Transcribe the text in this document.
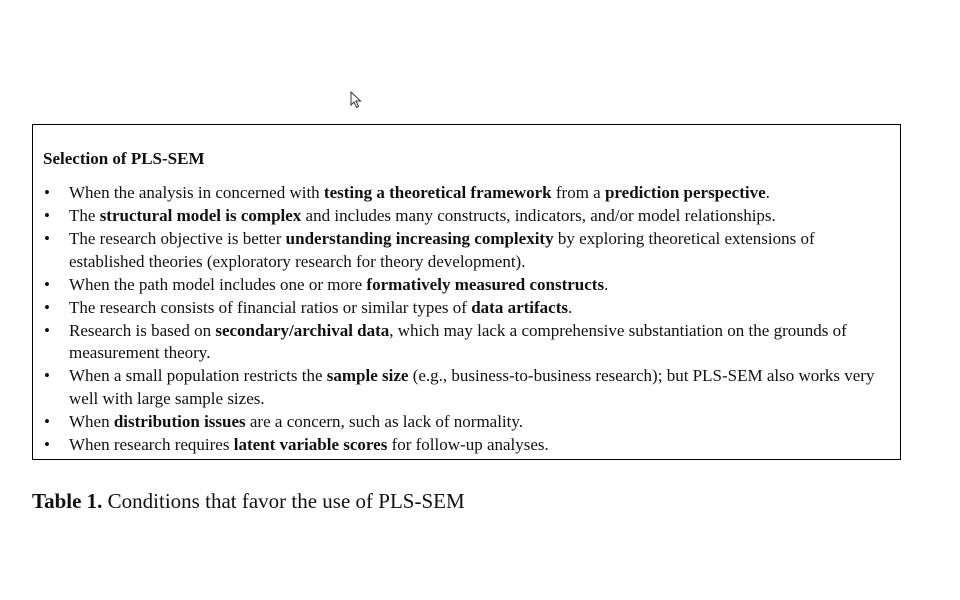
Selection of PLS-SEM
• When the analysis in concerned with testing a theoretical framework from a prediction perspective.
• The structural model is complex and includes many constructs, indicators, and/or model relationships.
• The research objective is better understanding increasing complexity by exploring theoretical extensions of established theories (exploratory research for theory development).
• When the path model includes one or more formatively measured constructs.
• The research consists of financial ratios or similar types of data artifacts.
• Research is based on secondary/archival data, which may lack a comprehensive substantiation on the grounds of measurement theory.
• When a small population restricts the sample size (e.g., business-to-business research); but PLS-SEM also works very well with large sample sizes.
• When distribution issues are a concern, such as lack of normality.
• When research requires latent variable scores for follow-up analyses.
Table 1. Conditions that favor the use of PLS-SEM
